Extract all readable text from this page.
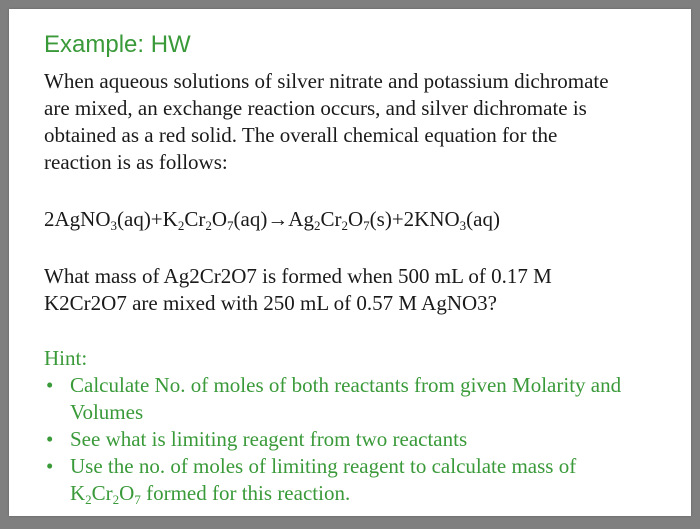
Example: HW

When aqueous solutions of silver nitrate and potassium dichromate
are mixed, an exchange reaction occurs, and silver dichromate is
obtained as a red solid. The overall chemical equation for the
reaction is as follows:

$2AgNO_3(aq)+K_2Cr_2O_7(aq)\to Ag_2Cr_2O_7(s)+2KNO_3(aq)$

What mass of Ag2Cr2O7 is formed when 500 mL of 0.17 M
K2Cr2O7 are mixed with 250 mL of 0.57 M AgNO3?

Hint:
• Calculate No. of moles of both reactants from given Molarity and
Volumes
• See what is limiting reagent from two reactants
• Use the no. of moles of limiting reagent to calculate mass of
$K_2Cr_2O_7$ formed for this reaction.
